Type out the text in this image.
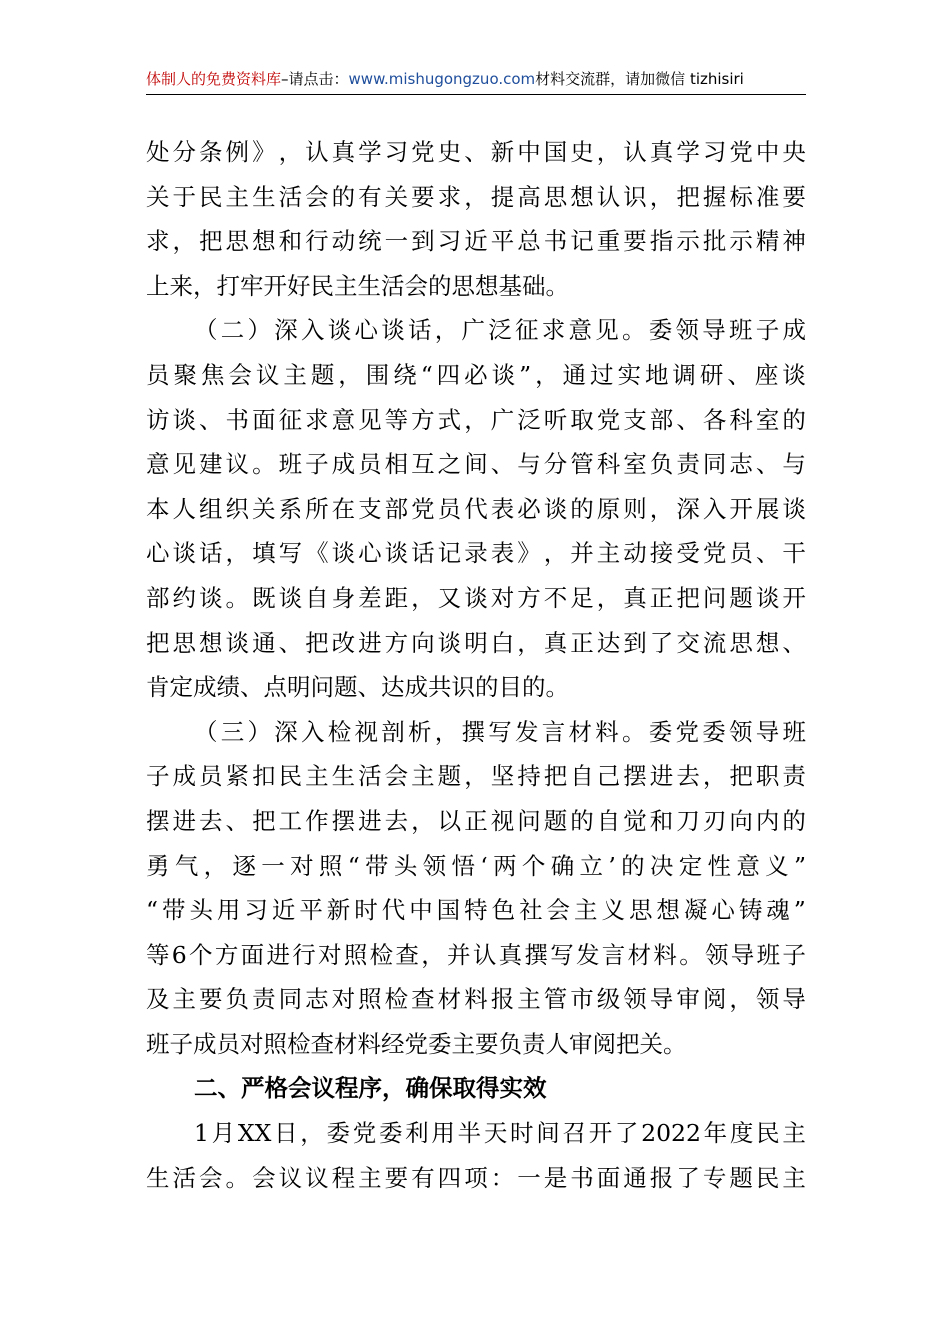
体制人的免费资料库–请点击：www.mishugongzuo.com材料交流群，请加微信 tizhisiri
处 分 条 例 》 ， 认 真 学 习 党 史 、 新 中 国 史 ， 认 真 学 习 党 中 央
关 于 民 主 生 活 会 的 有 关 要 求 ， 提 高 思 想 认 识 ， 把 握 标 准 要
求 ， 把 思 想 和 行 动 统 一 到 习 近 平 总 书 记 重 要 指 示 批 示 精 神
上来，打牢开好民主生活会的思想基础。
（ 二 ） 深 入 谈 心 谈 话 ， 广 泛 征 求 意 见 。 委 领 导 班 子 成
员 聚 焦 会 议 主 题 ， 围 绕 “ 四 必 谈 ” ， 通 过 实 地 调 研 、 座 谈
访 谈 、 书 面 征 求 意 见 等 方 式 ， 广 泛 听 取 党 支 部 、 各 科 室 的
意 见 建 议 。 班 子 成 员 相 互 之 间 、 与 分 管 科 室 负 责 同 志 、 与
本 人 组 织 关 系 所 在 支 部 党 员 代 表 必 谈 的 原 则 ， 深 入 开 展 谈
心 谈 话 ， 填 写 《 谈 心 谈 话 记 录 表 》 ， 并 主 动 接 受 党 员 、 干
部 约 谈 。 既 谈 自 身 差 距 ， 又 谈 对 方 不 足 ， 真 正 把 问 题 谈 开
把 思 想 谈 通 、 把 改 进 方 向 谈 明 白 ， 真 正 达 到 了 交 流 思 想 、
肯定成绩、点明问题、达成共识的目的。
（ 三 ） 深 入 检 视 剖 析 ， 撰 写 发 言 材 料 。 委 党 委 领 导 班
子 成 员 紧 扣 民 主 生 活 会 主 题 ， 坚 持 把 自 己 摆 进 去 ， 把 职 责
摆 进 去 、 把 工 作 摆 进 去 ， 以 正 视 问 题 的 自 觉 和 刀 刃 向 内 的
勇 气 ， 逐 一 对 照 “ 带 头 领 悟 ‘ 两 个 确 立 ’ 的 决 定 性 意 义 ”
“ 带 头 用 习 近 平 新 时 代 中 国 特 色 社 会 主 义 思 想 凝 心 铸 魂 ”
等 6 个 方 面 进 行 对 照 检 查 ， 并 认 真 撰 写 发 言 材 料 。 领 导 班 子
及 主 要 负 责 同 志 对 照 检 查 材 料 报 主 管 市 级 领 导 审 阅 ， 领 导
班子成员对照检查材料经党委主要负责人审阅把关。
二、严格会议程序，确保取得实效
1 月 XX 日 ， 委 党 委 利 用 半 天 时 间 召 开 了 2022 年 度 民 主
生 活 会 。 会 议 议 程 主 要 有 四 项 ： 一 是 书 面 通 报 了 专 题 民 主
